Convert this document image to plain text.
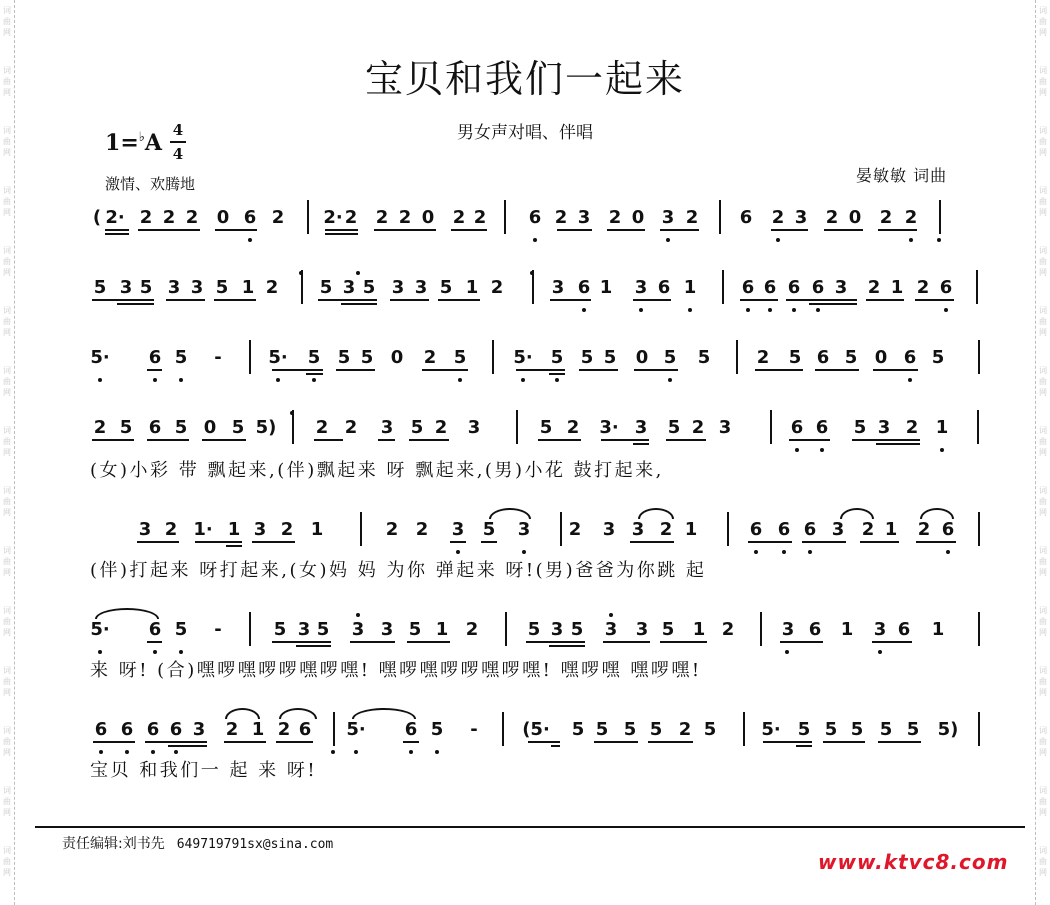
词
曲
网
词
曲
网
词
曲
网
词
曲
网
词
曲
网
词
曲
网
词
曲
网
词
曲
网
词
曲
网
词
曲
网
词
曲
网
词
曲
网
词
曲
网
词
曲
网
词
曲
网
词
曲
网
词
曲
网
词
曲
网
词
曲
网
词
曲
网
词
曲
网
词
曲
网
词
曲
网
词
曲
网
词
曲
网
词
曲
网
词
曲
网
词
曲
网
词
曲
网
词
曲
网
宝贝和我们一起来
男女声对唱、伴唱
1=♭A 4
4
激情、欢腾地	晏敏敏 词曲
( 2· 2 2 2 0 6 2 2· 2 2 2 0 2 2 6 2 3 2 0 3 2 6 2 3 2 0 2 2
5 3 5 3 3 5 1 2 5 3 5 3 3 5 1 2	3 6 1 3 6 1	6 6 6 6 3 2 1 2 6
5· 6 5 -	5· 5 5 5 0 2 5	5· 5 5 5 0 5 5	2 5 6 5 0 6 5
2 5 6 5 0 5 5) 2 2 3 5 2 3	5 2 3· 3 5 2 3	6 6 5 3 2 1
(女)小彩 带 飘起来,(伴)飘起来 呀 飘起来,(男)小花 鼓打起来,
3 2 1· 1 3 2 1	2 2 3 5 3 2 3 3 2 1	6 6 6 3 2 1 2 6
(伴)打起来 呀打起来,(女)妈 妈 为你 弹起来 呀!(男)爸爸为你跳 起
5· 6 5 -	5 3 5 3 3 5 1 2	5 3 5 3 3 5 1 2	3 6 1 3 6 1
来 呀! (合)嘿啰嘿啰啰嘿啰嘿! 嘿啰嘿啰啰嘿啰嘿! 嘿啰嘿 嘿啰嘿!
6 6 6 6 3 2 1 2 6 5· 6 5 - (5· 5 5 5 5 2 5	5· 5 5 5 5 5 5)
宝贝 和我们一 起 来 呀!
责任编辑:刘书先 649719791sx@sina.com
www.ktvc8.com
